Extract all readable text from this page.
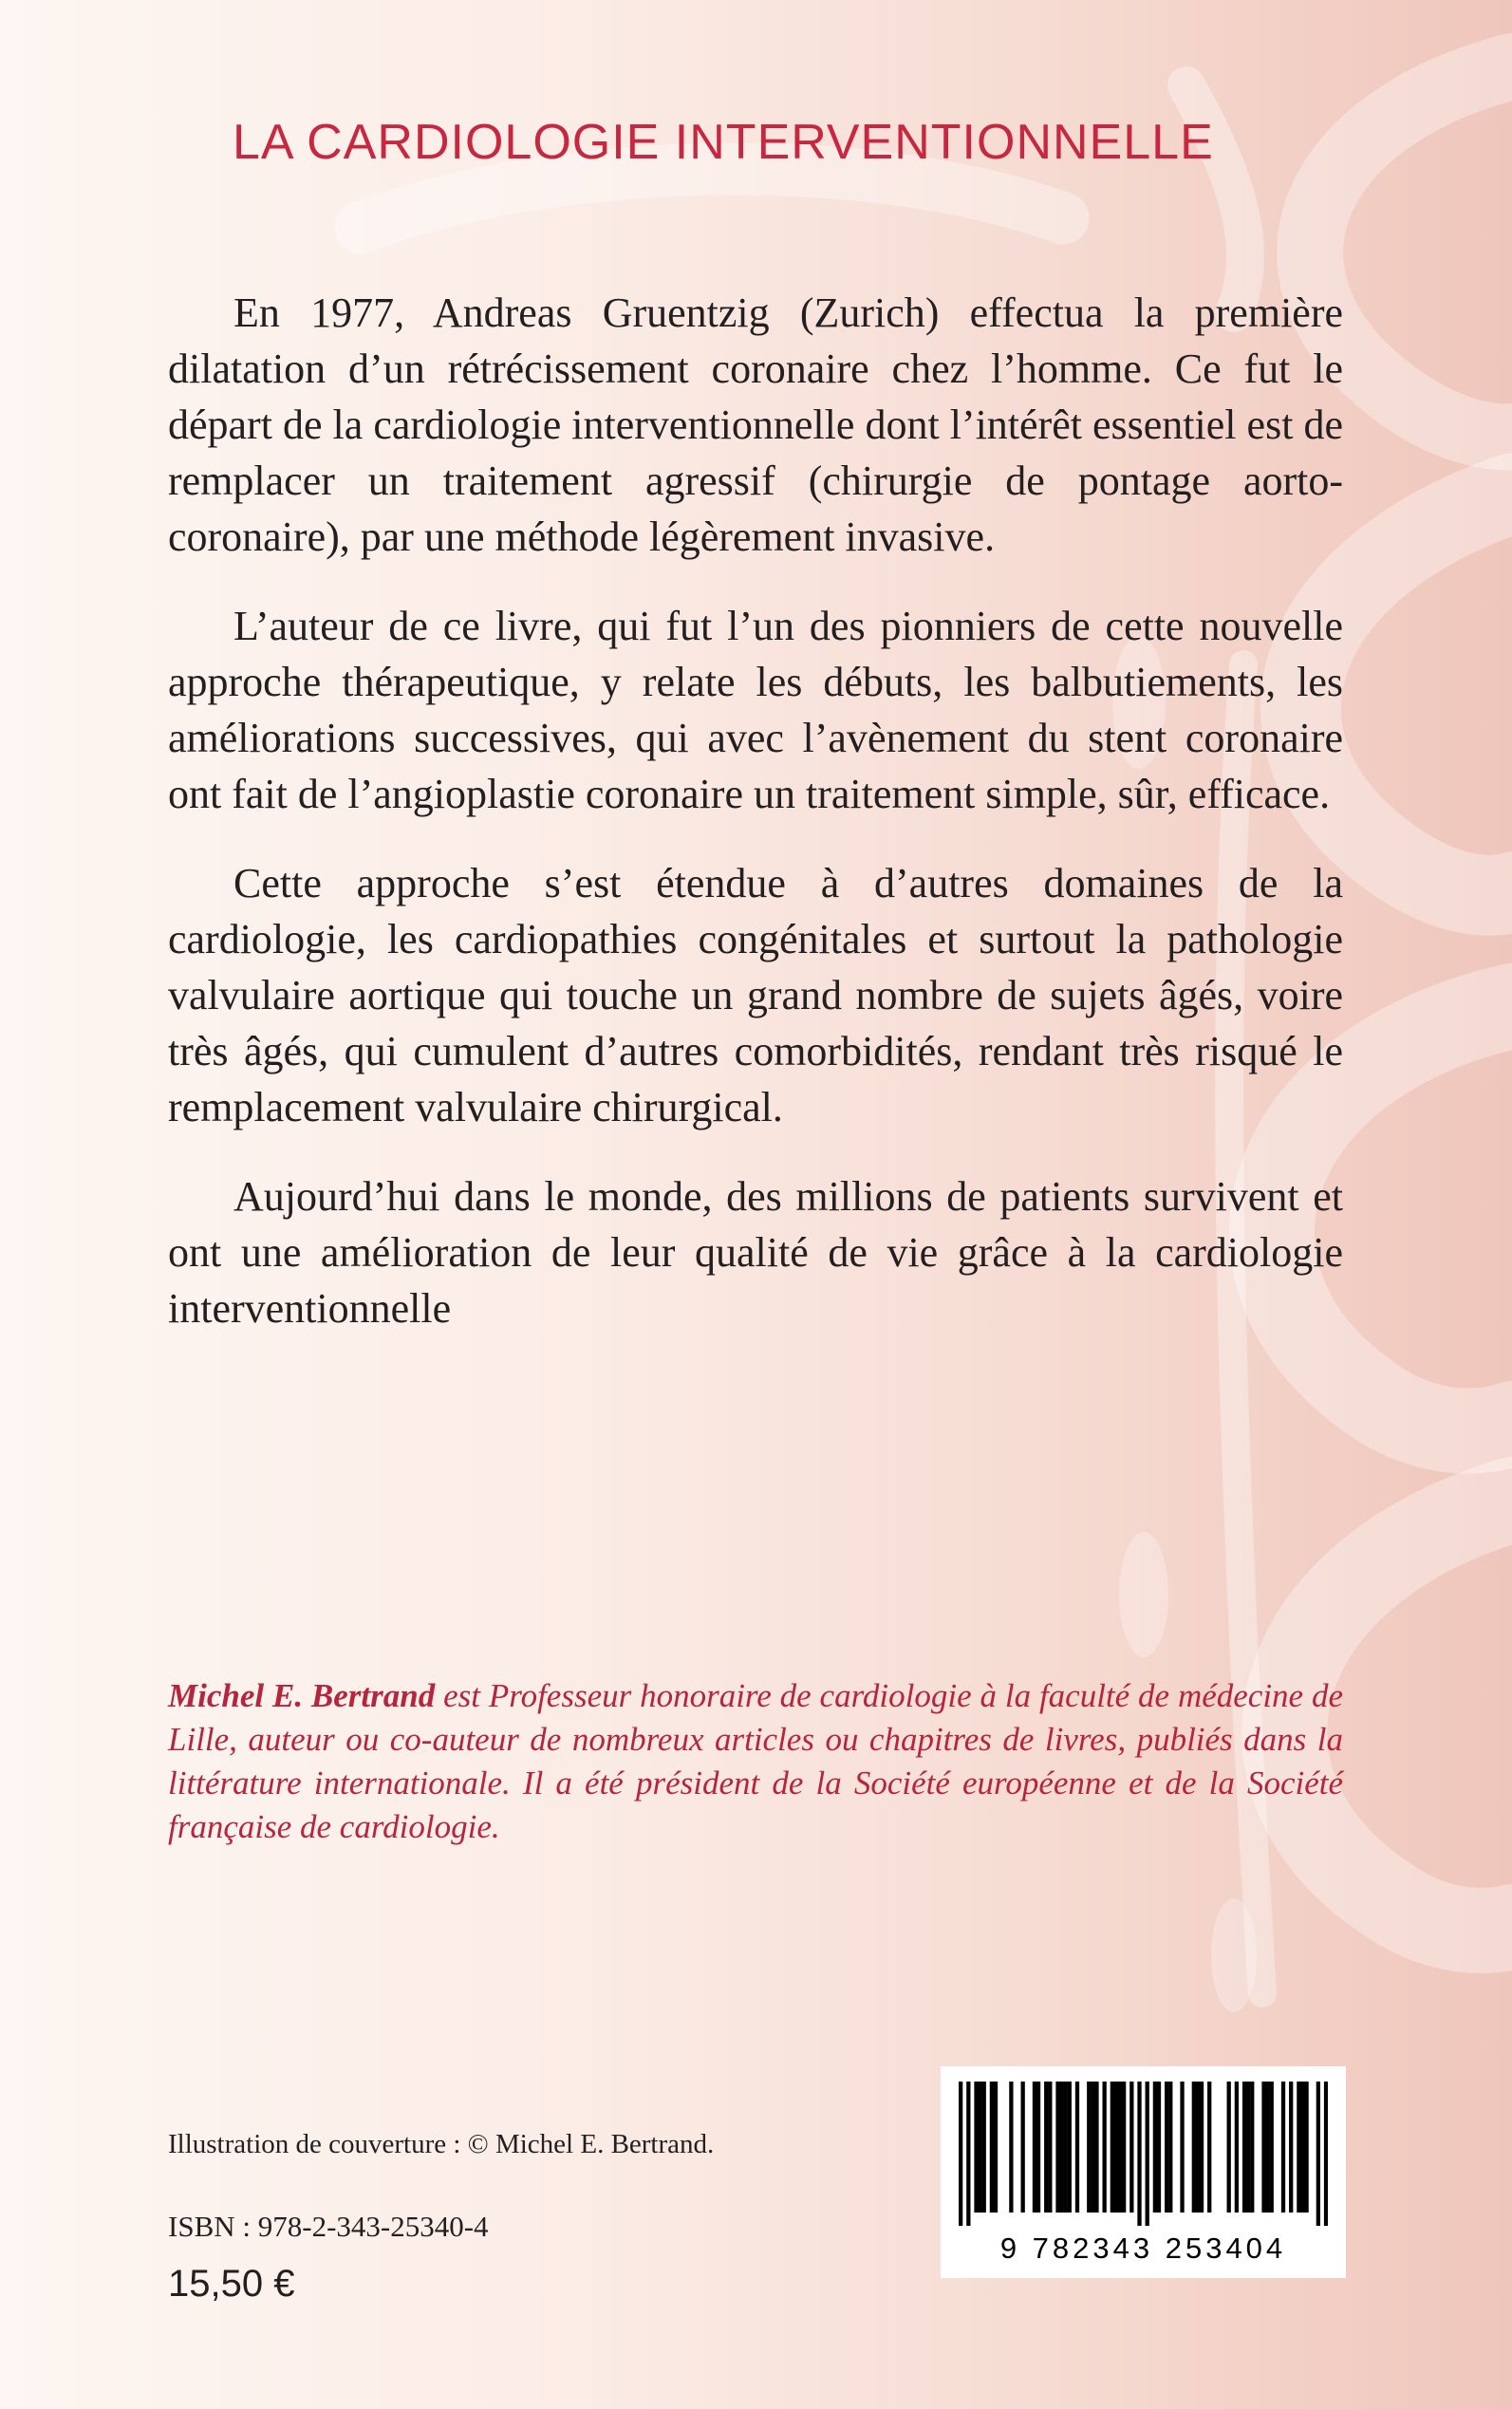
LA CARDIOLOGIE INTERVENTIONNELLE

En 1977, Andreas Gruentzig (Zurich) effectua la première dilatation d’un rétrécissement coronaire chez l’homme. Ce fut le départ de la cardiologie interventionnelle dont l’intérêt essentiel est de remplacer un traitement agressif (chirurgie de pontage aorto-coronaire), par une méthode légèrement invasive.

L’auteur de ce livre, qui fut l’un des pionniers de cette nouvelle approche thérapeutique, y relate les débuts, les balbutiements, les améliorations successives, qui avec l’avènement du stent coronaire ont fait de l’angioplastie coronaire un traitement simple, sûr, efficace.

Cette approche s’est étendue à d’autres domaines de la cardiologie, les cardiopathies congénitales et surtout la pathologie valvulaire aortique qui touche un grand nombre de sujets âgés, voire très âgés, qui cumulent d’autres comorbidités, rendant très risqué le remplacement valvulaire chirurgical.

Aujourd’hui dans le monde, des millions de patients survivent et ont une amélioration de leur qualité de vie grâce à la cardiologie interventionnelle

Michel E. Bertrand est Professeur honoraire de cardiologie à la faculté de médecine de Lille, auteur ou co-auteur de nombreux articles ou chapitres de livres, publiés dans la littérature internationale. Il a été président de la Société européenne et de la Société française de cardiologie.
Illustration de couverture : © Michel E. Bertrand.
ISBN : 978-2-343-25340-4
15,50 €
9 782343 253404
